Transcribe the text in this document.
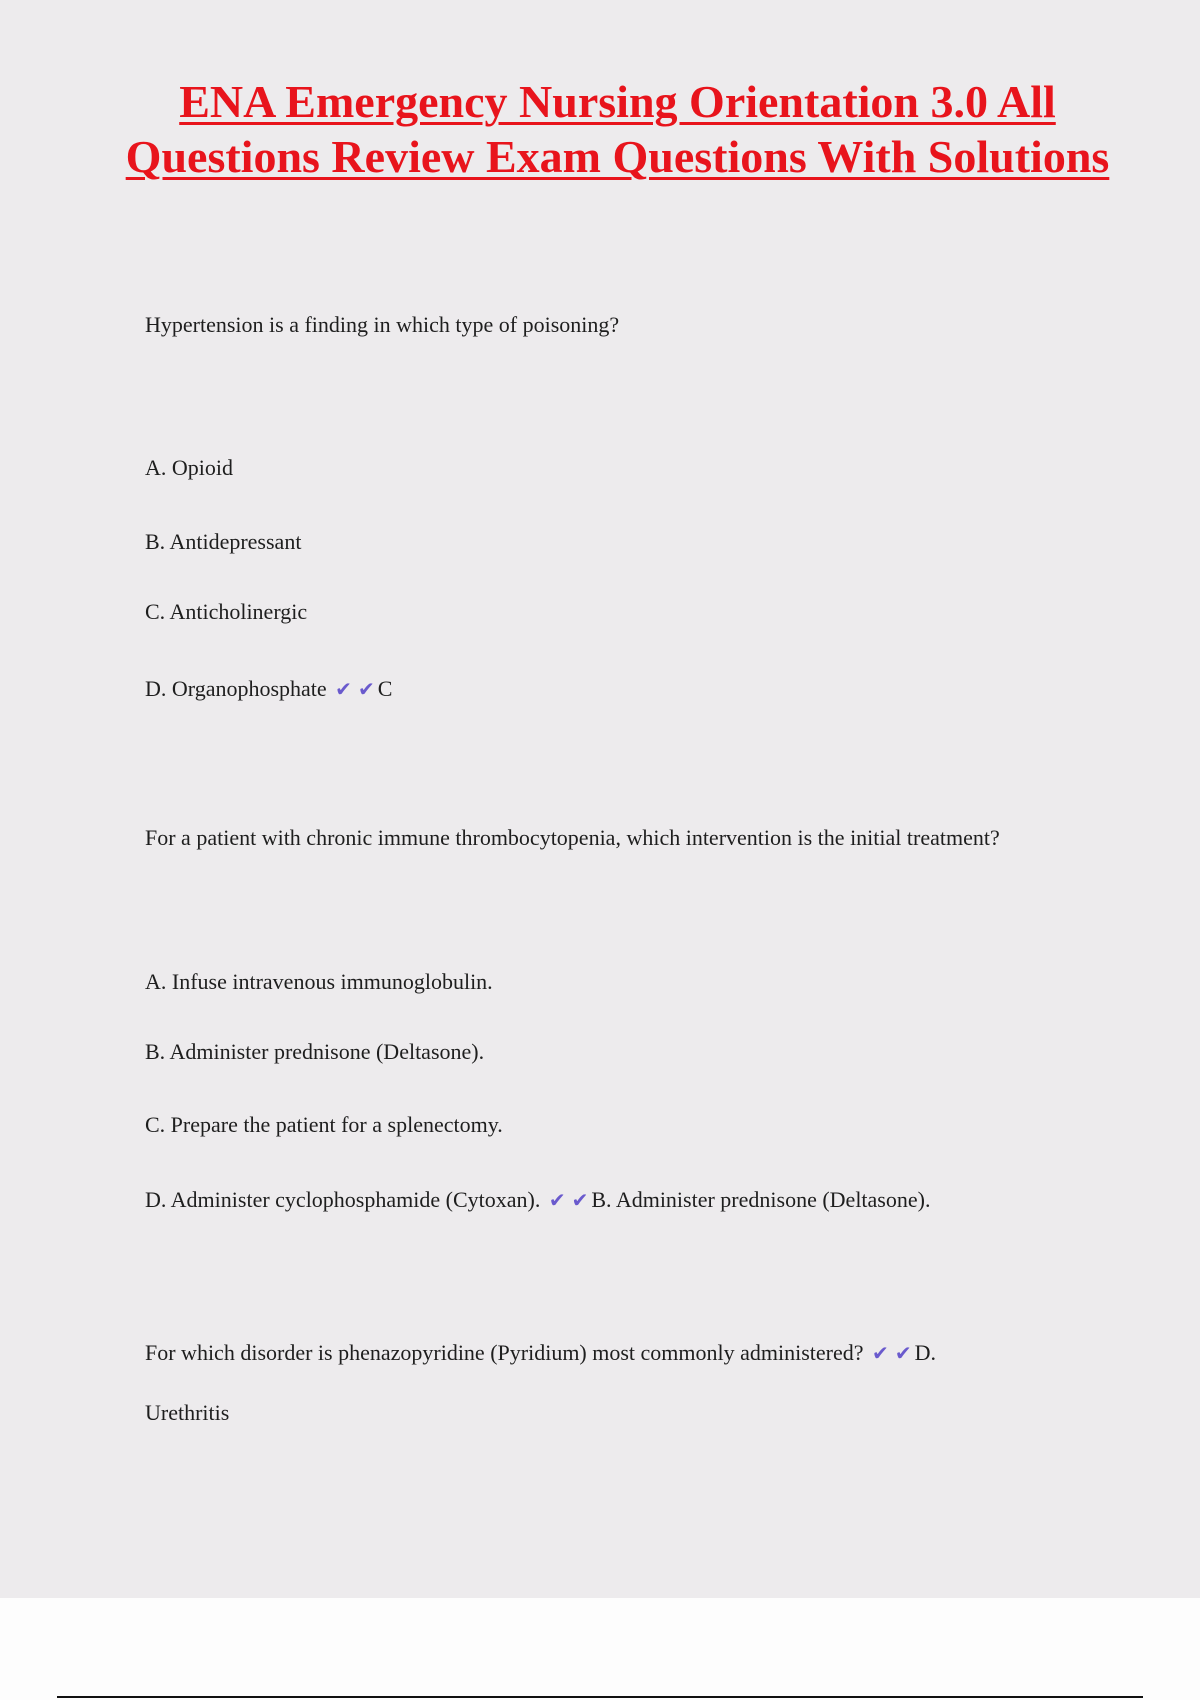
ENA Emergency Nursing Orientation 3.0 All Questions Review Exam Questions With Solutions
Hypertension is a finding in which type of poisoning?
A. Opioid
B. Antidepressant
C. Anticholinergic
D. Organophosphate ✔ ✔ C
For a patient with chronic immune thrombocytopenia, which intervention is the initial treatment?
A. Infuse intravenous immunoglobulin.
B. Administer prednisone (Deltasone).
C. Prepare the patient for a splenectomy.
D. Administer cyclophosphamide (Cytoxan). ✔ ✔ B. Administer prednisone (Deltasone).
For which disorder is phenazopyridine (Pyridium) most commonly administered? ✔ ✔ D.
Urethritis
